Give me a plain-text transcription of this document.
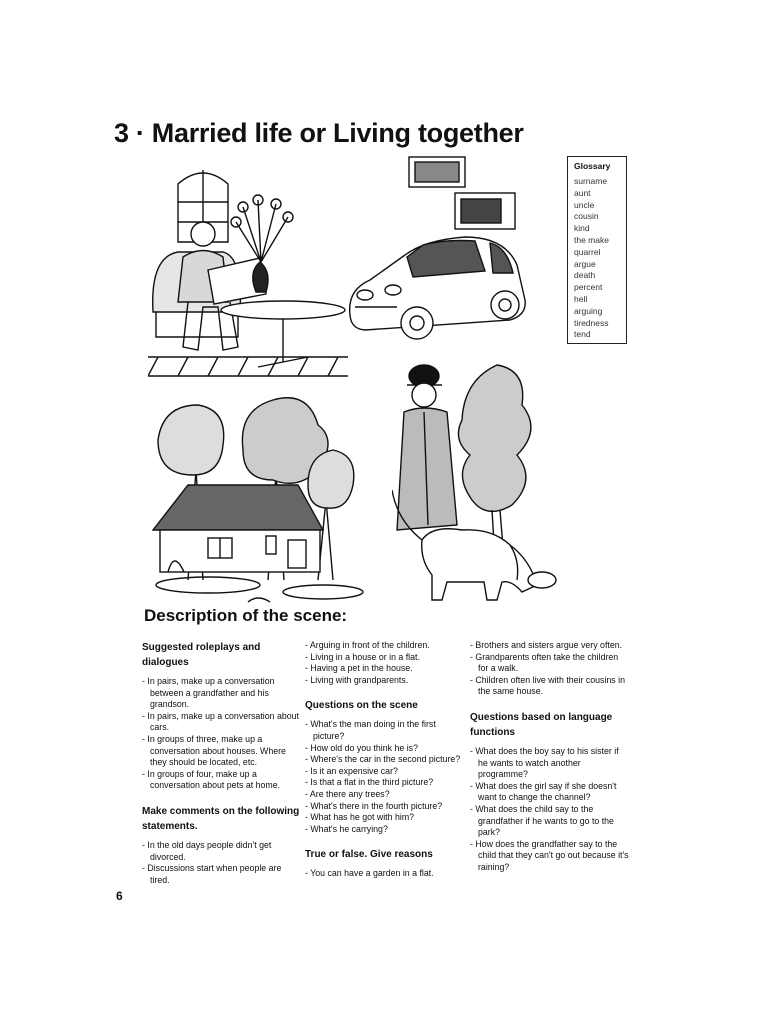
3 · Married life or Living together
Glossary
surname
aunt
uncle
cousin
kind
the make
quarrel
argue
death
percent
hell
arguing
tiredness
tend
Description of the scene:
Suggested roleplays and dialogues
- In pairs, make up a conversation between a grandfather and his grandson.
- In pairs, make up a conversation about cars.
- In groups of three, make up a conversation about houses. Where they should be located, etc.
- In groups of four, make up a conversation about pets at home.
Make comments on the following statements.
- In the old days people didn't get divorced.
- Discussions start when people are tired.
- Arguing in front of the children.
- Living in a house or in a flat.
- Having a pet in the house.
- Living with grandparents.
Questions on the scene
- What's the man doing in the first picture?
- How old do you think he is?
- Where's the car in the second picture?
- Is it an expensive car?
- Is that a flat in the third picture?
- Are there any trees?
- What's there in the fourth picture?
- What has he got with him?
- What's he carrying?
True or false. Give reasons
- You can have a garden in a flat.
- Brothers and sisters argue very often.
- Grandparents often take the children for a walk.
- Children often live with their cousins in the same house.
Questions based on language functions
- What does the boy say to his sister if he wants to watch another programme?
- What does the girl say if she doesn't want to change the channel?
- What does the child say to the grandfather if he wants to go to the park?
- How does the grandfather say to the child that they can't go out because it's raining?
6
